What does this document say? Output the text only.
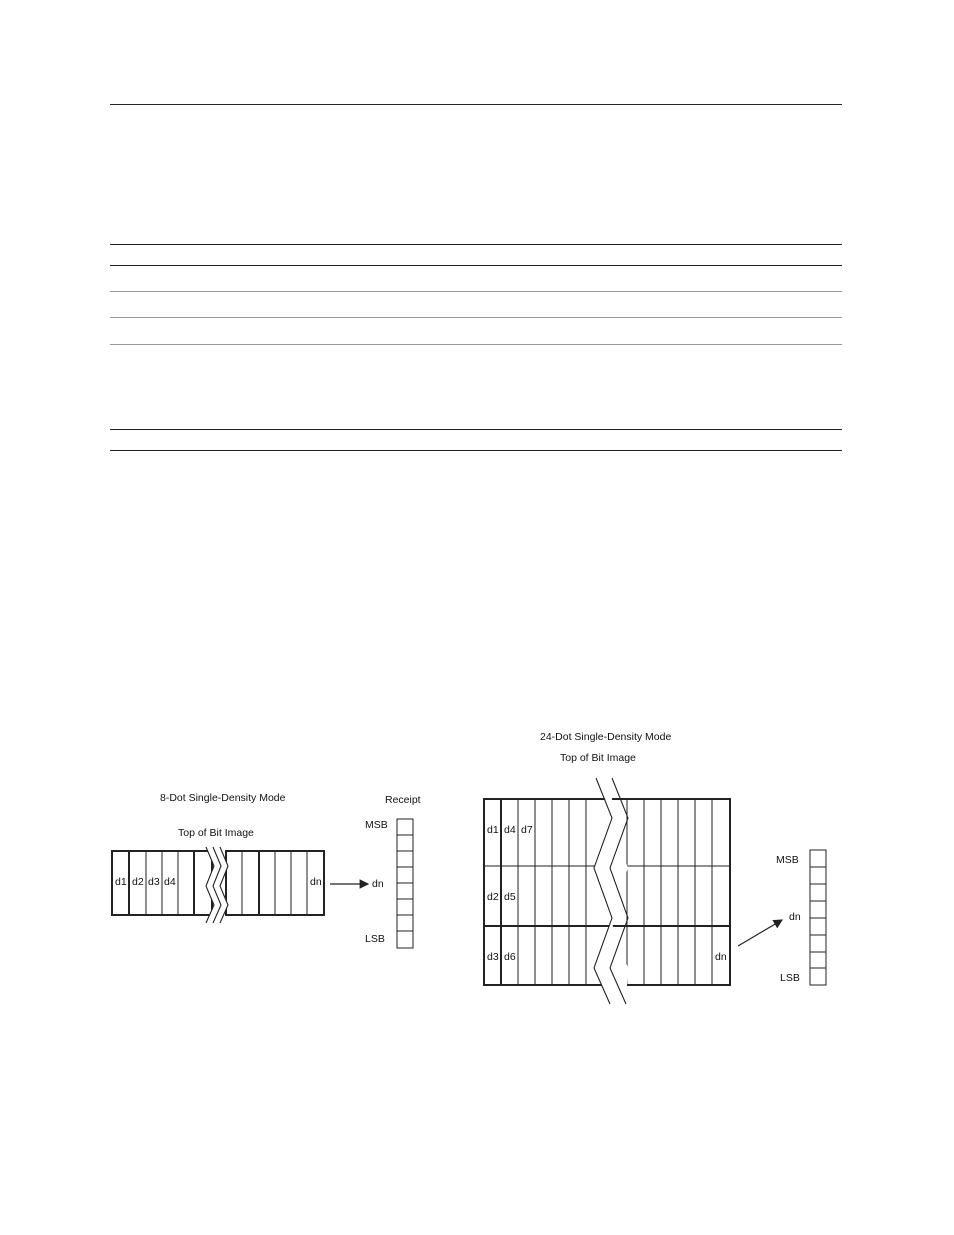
8-Dot Single-Density Mode
Top of Bit Image
Receipt
MSB
LSB
d1 d2 d3 d4	dn	dn
24-Dot Single-Density Mode
Top of Bit Image
d1 d4 d7
d2 d5
d3 d6	dn
MSB
dn
LSB
